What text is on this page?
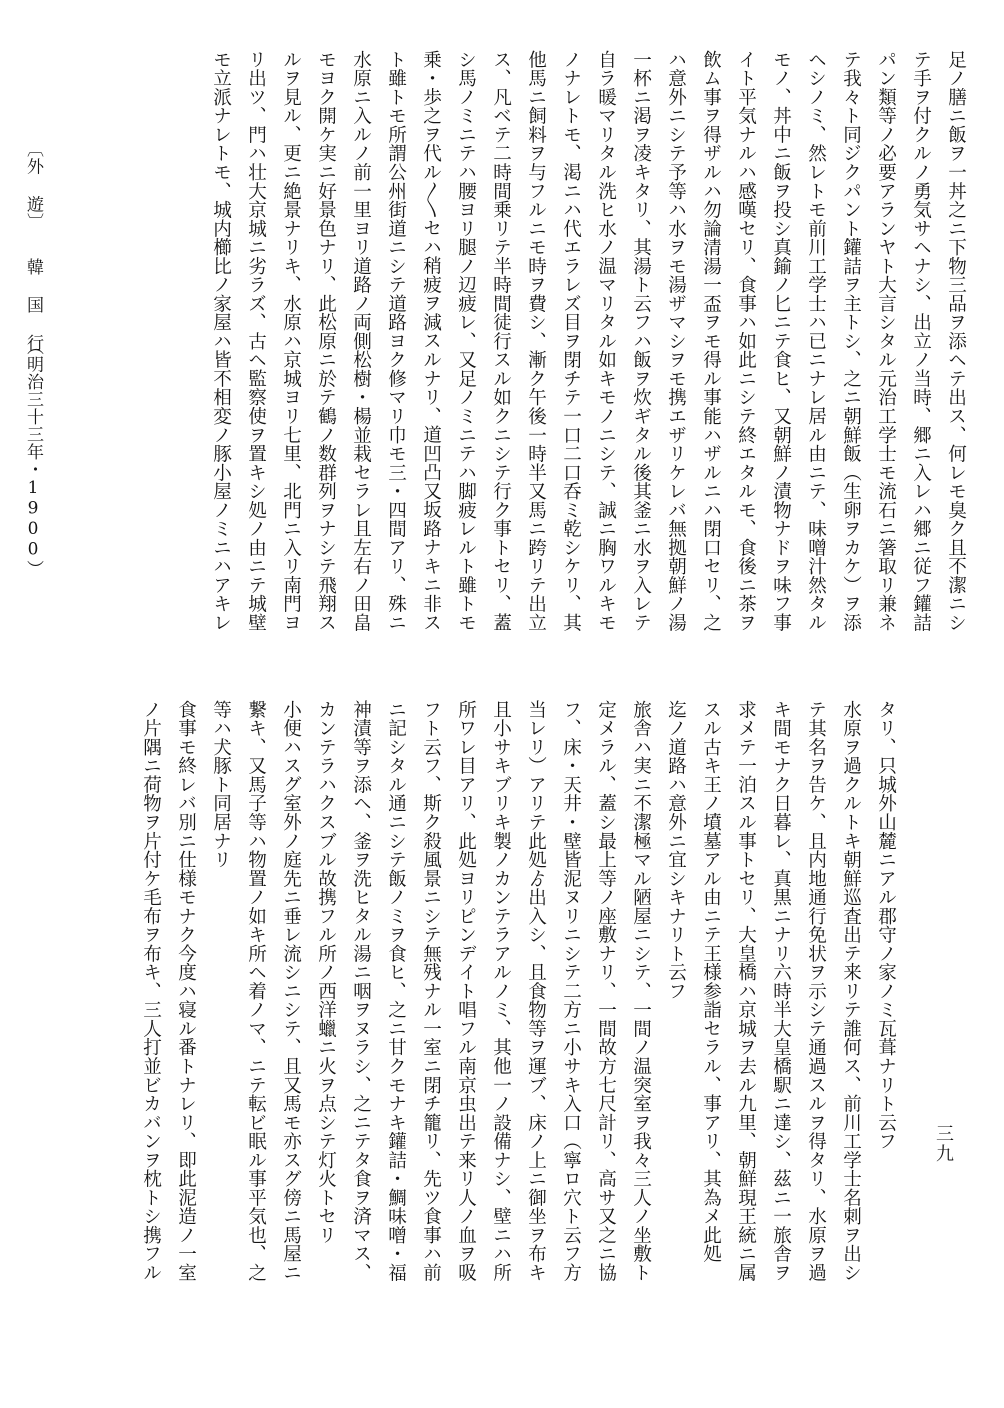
〔外 遊〕
韓 国 行
（明治三十三年・1900）	足ノ膳ニ飯ヲ一丼之ニ下物三品ヲ添ヘテ出ス、何レモ臭ク且不潔ニシ
テ手ヲ付クルノ勇気サヘナシ、出立ノ当時、郷ニ入レハ郷ニ従フ鑵詰
パン類等ノ必要アランヤト大言シタル元治工学士モ流石ニ箸取リ兼ネ
テ我々ト同ジクパント鑵詰ヲ主トシ、之ニ朝鮮飯（生卵ヲカケ）ヲ添
ヘシノミ、然レトモ前川工学士ハ已ニナレ居ル由ニテ、味噌汁然タル
モノ、丼中ニ飯ヲ投シ真鍮ノ匕ニテ食ヒ、又朝鮮ノ漬物ナドヲ味フ事
イト平気ナルハ感嘆セリ、食事ハ如此ニシテ終エタルモ、食後ニ茶ヲ
飲ム事ヲ得ザルハ勿論清湯一盃ヲモ得ル事能ハザルニハ閉口セリ、之
ハ意外ニシテ予等ハ水ヲモ湯ザマシヲモ携エザリケレバ無拠朝鮮ノ湯
一杯ニ渇ヲ凌キタリ、其湯ト云フハ飯ヲ炊ギタル後其釜ニ水ヲ入レテ
自ラ暖マリタル洗ヒ水ノ温マリタル如キモノニシテ、誠ニ胸ワルキモ
ノナレトモ、渇ニハ代エラレズ目ヲ閉チテ一口二口呑ミ乾シケリ、其
他馬ニ飼料ヲ与フルニモ時ヲ費シ、漸ク午後一時半又馬ニ跨リテ出立
ス、凡ベテ二時間乗リテ半時間徒行スル如クニシテ行ク事トセリ、蓋
シ馬ノミニテハ腰ヨリ腿ノ辺疲レ、又足ノミニテハ脚疲レルト雖トモ
乗・歩之ヲ代ル〱セハ稍疲ヲ減スルナリ、道凹凸又坂路ナキニ非ス
ト雖トモ所謂公州街道ニシテ道路ヨク修マリ巾モ三・四間アリ、殊ニ
水原ニ入ルノ前一里ヨリ道路ノ両側松樹・楊並栽セラレ且左右ノ田畠
モヨク開ケ実ニ好景色ナリ、此松原ニ於テ鶴ノ数群列ヲナシテ飛翔ス
ルヲ見ル、更ニ絶景ナリキ、水原ハ京城ヨリ七里、北門ニ入リ南門ヨ
リ出ツ、門ハ壮大京城ニ劣ラズ、古ヘ監察使ヲ置キシ処ノ由ニテ城壁
モ立派ナレトモ、城内櫛比ノ家屋ハ皆不相変ノ豚小屋ノミニハアキレ
タリ、只城外山麓ニアル郡守ノ家ノミ瓦葺ナリト云フ
水原ヲ過クルトキ朝鮮巡査出テ来リテ誰何ス、前川工学士名刺ヲ出シ
テ其名ヲ告ケ、且内地通行免状ヲ示シテ通過スルヲ得タリ、水原ヲ過
キ間モナク日暮レ、真黒ニナリ六時半大皇橋駅ニ達シ、茲ニ一旅舎ヲ
求メテ一泊スル事トセリ、大皇橋ハ京城ヲ去ル九里、朝鮮現王統ニ属
スル古キ王ノ墳墓アル由ニテ王様参詣セラル、事アリ、其為メ此処
迄ノ道路ハ意外ニ宜シキナリト云フ
旅舎ハ実ニ不潔極マル陋屋ニシテ、一間ノ温突室ヲ我々三人ノ坐敷ト
定メラル、蓋シ最上等ノ座敷ナリ、一間故方七尺計リ、高サ又之ニ協
フ、床・天井・壁皆泥ヌリニシテ二方ニ小サキ入口（寧ロ穴ト云フ方
当レリ）アリテ此処ゟ出入シ、且食物等ヲ運ブ、床ノ上ニ御坐ヲ布キ
且小サキブリキ製ノカンテラアルノミ、其他一ノ設備ナシ、壁ニハ所
所ワレ目アリ、此処ヨリピンデイト唱フル南京虫出テ来リ人ノ血ヲ吸
フト云フ、斯ク殺風景ニシテ無残ナル一室ニ閉チ籠リ、先ツ食事ハ前
ニ記シタル通ニシテ飯ノミヲ食ヒ、之ニ甘クモナキ鑵詰・鯛味噌・福
神漬等ヲ添ヘ、釜ヲ洗ヒタル湯ニ咽ヲヌラシ、之ニテタ食ヲ済マス、
カンテラハクスブル故携フル所ノ西洋蠟ニ火ヲ点シテ灯火トセリ
小便ハスグ室外ノ庭先ニ垂レ流シニシテ、且又馬モ亦スグ傍ニ馬屋ニ
繋キ、又馬子等ハ物置ノ如キ所ヘ着ノマ、ニテ転ビ眠ル事平気也、之
等ハ犬豚ト同居ナリ
食事モ終レバ別ニ仕様モナク今度ハ寝ル番トナレリ、即此泥造ノ一室
ノ片隅ニ荷物ヲ片付ケ毛布ヲ布キ、三人打並ビカバンヲ枕トシ携フル	三九
